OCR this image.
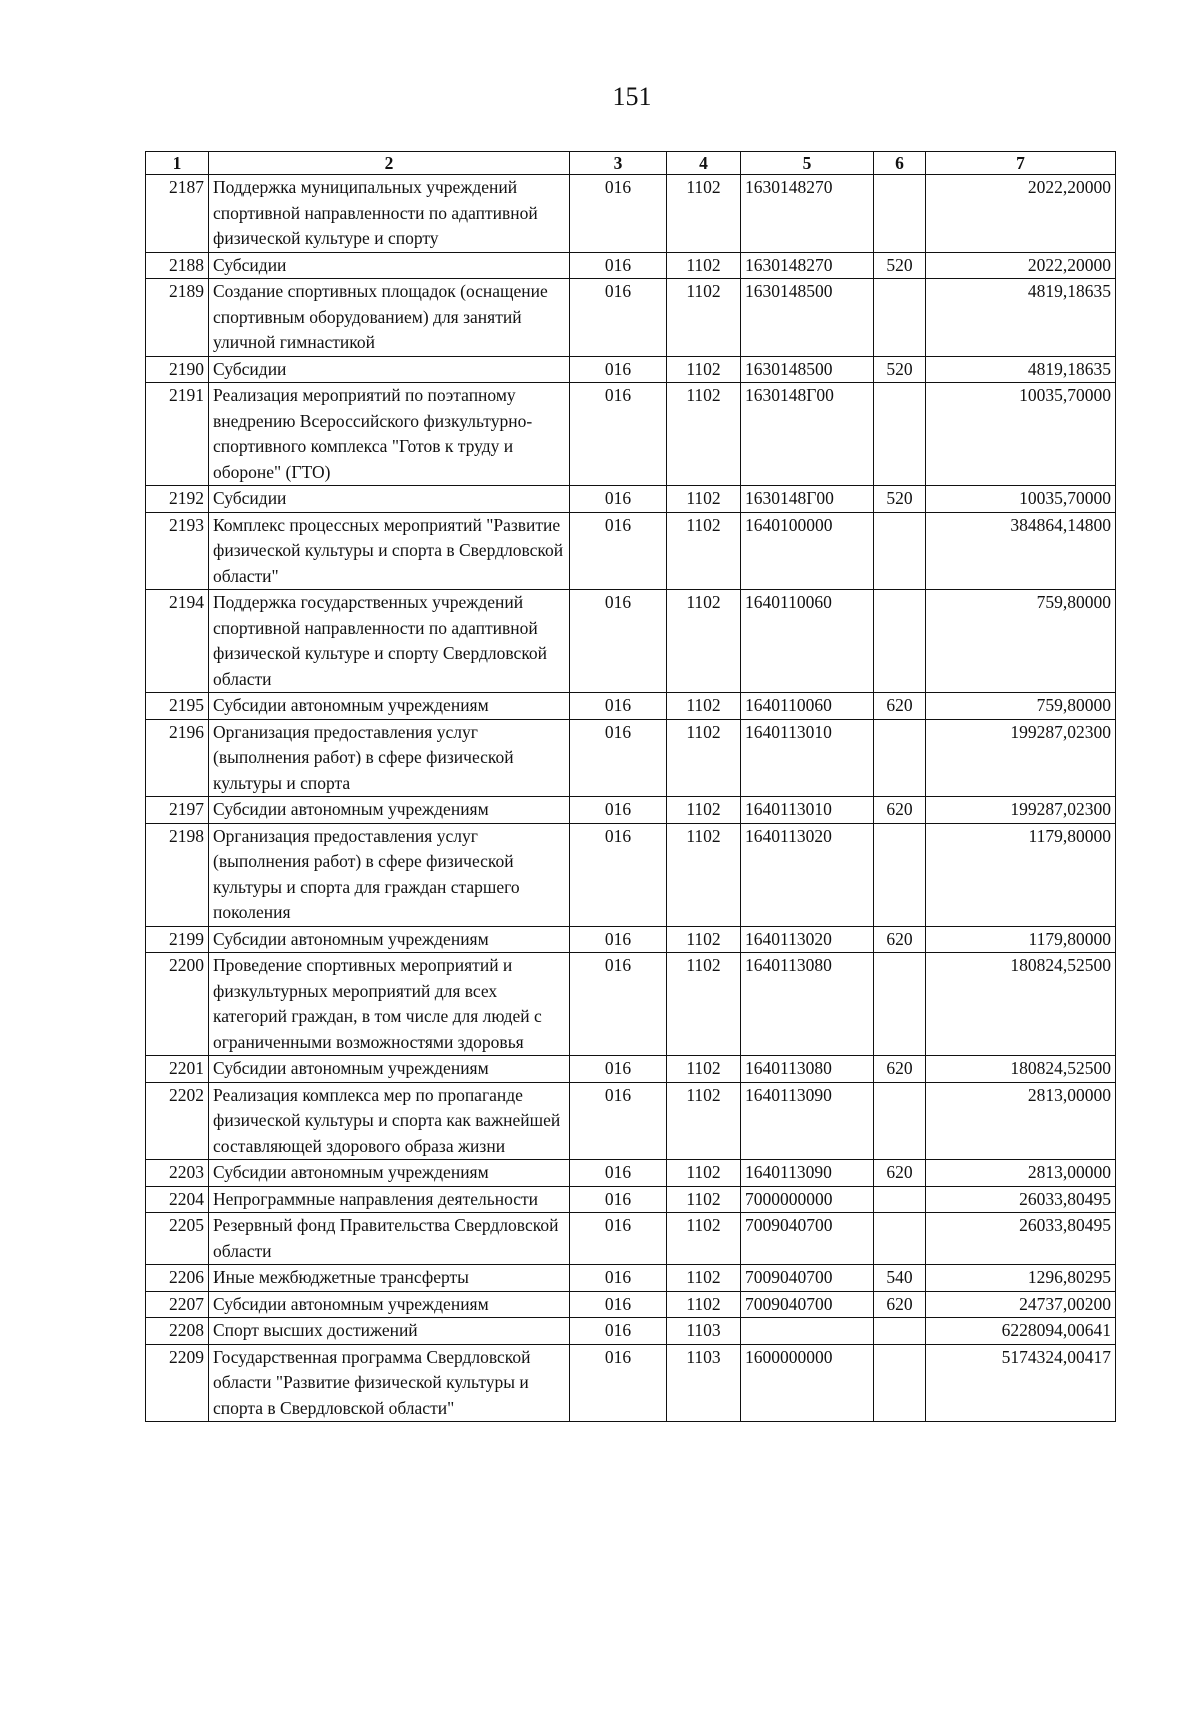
151
1	2	3	4	5	6	7
2187	Поддержка муниципальных учреждений спортивной направленности по адаптивной физической культуре и спорту	016	1102	1630148270		2022,20000
2188	Субсидии	016	1102	1630148270	520	2022,20000
2189	Создание спортивных площадок (оснащение спортивным оборудованием) для занятий уличной гимнастикой	016	1102	1630148500		4819,18635
2190	Субсидии	016	1102	1630148500	520	4819,18635
2191	Реализация мероприятий по поэтапному внедрению Всероссийского физкультурно-спортивного комплекса "Готов к труду и обороне" (ГТО)	016	1102	1630148Г00		10035,70000
2192	Субсидии	016	1102	1630148Г00	520	10035,70000
2193	Комплекс процессных мероприятий "Развитие физической культуры и спорта в Свердловской области"	016	1102	1640100000		384864,14800
2194	Поддержка государственных учреждений спортивной направленности по адаптивной физической культуре и спорту Свердловской области	016	1102	1640110060		759,80000
2195	Субсидии автономным учреждениям	016	1102	1640110060	620	759,80000
2196	Организация предоставления услуг (выполнения работ) в сфере физической культуры и спорта	016	1102	1640113010		199287,02300
2197	Субсидии автономным учреждениям	016	1102	1640113010	620	199287,02300
2198	Организация предоставления услуг (выполнения работ) в сфере физической культуры и спорта для граждан старшего поколения	016	1102	1640113020		1179,80000
2199	Субсидии автономным учреждениям	016	1102	1640113020	620	1179,80000
2200	Проведение спортивных мероприятий и физкультурных мероприятий для всех категорий граждан, в том числе для людей с ограниченными возможностями здоровья	016	1102	1640113080		180824,52500
2201	Субсидии автономным учреждениям	016	1102	1640113080	620	180824,52500
2202	Реализация комплекса мер по пропаганде физической культуры и спорта как важнейшей составляющей здорового образа жизни	016	1102	1640113090		2813,00000
2203	Субсидии автономным учреждениям	016	1102	1640113090	620	2813,00000
2204	Непрограммные направления деятельности	016	1102	7000000000		26033,80495
2205	Резервный фонд Правительства Свердловской области	016	1102	7009040700		26033,80495
2206	Иные межбюджетные трансферты	016	1102	7009040700	540	1296,80295
2207	Субсидии автономным учреждениям	016	1102	7009040700	620	24737,00200
2208	Спорт высших достижений	016	1103			6228094,00641
2209	Государственная программа Свердловской области "Развитие физической культуры и спорта в Свердловской области"	016	1103	1600000000		5174324,00417
